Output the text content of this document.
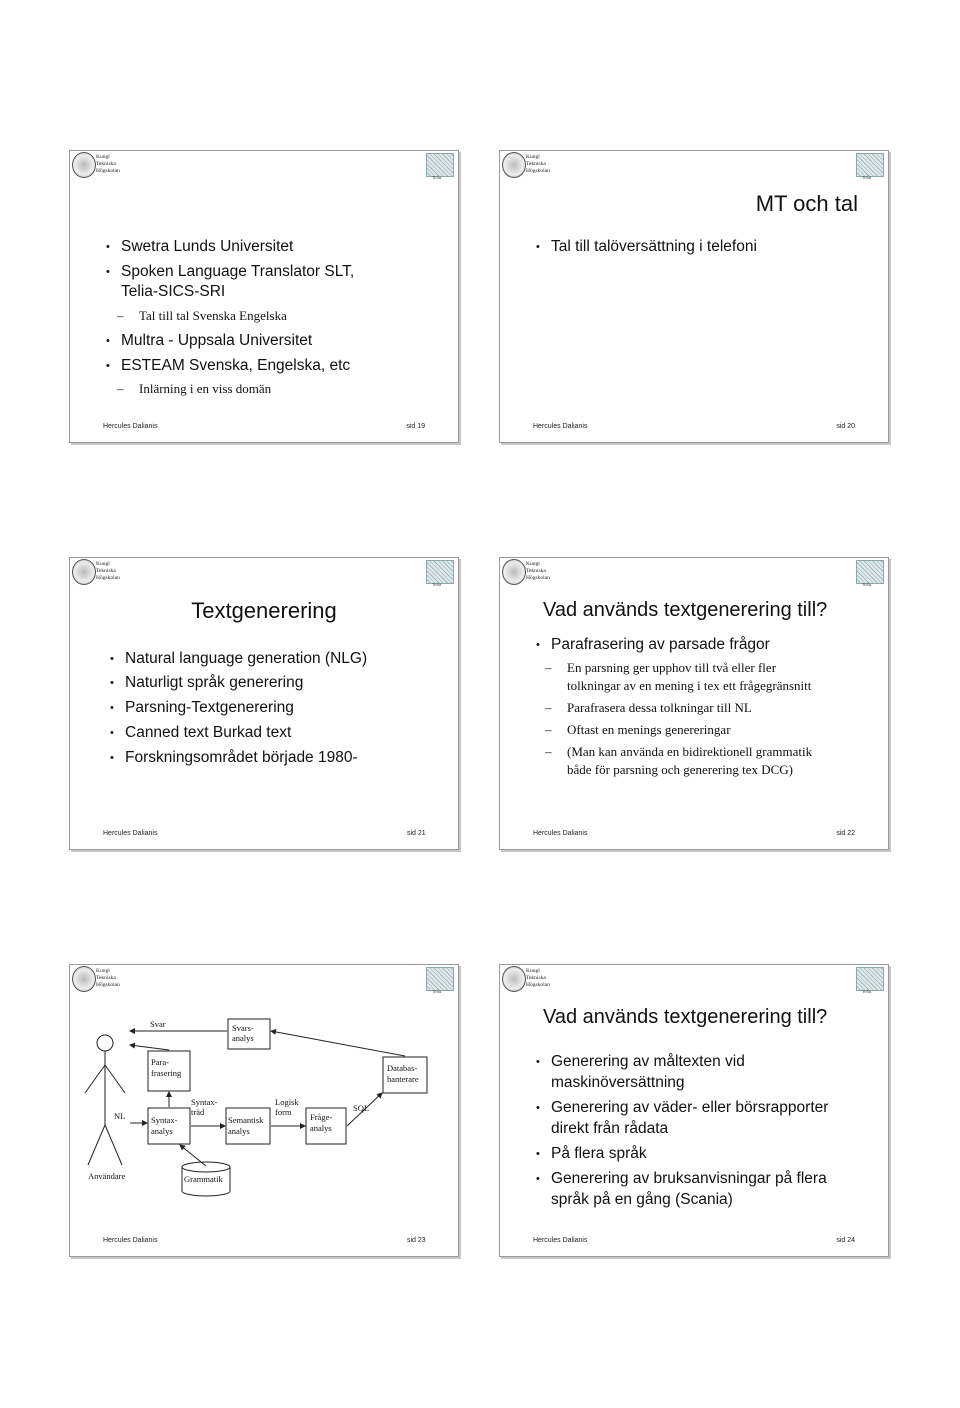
Kungl
Tekniska
Högskolan
Telia
• Swetra Lunds Universitet
• Spoken Language Translator SLT,
Telia-SICS-SRI
– Tal till tal Svenska Engelska
• Multra - Uppsala Universitet
• ESTEAM Svenska, Engelska, etc
– Inlärning i en viss domän
Hercules Dalianis	sid 19
Kungl
Tekniska
Högskolan
Telia
MT och tal
• Tal till talöversättning i telefoni
Hercules Dalianis	sid 20
Kungl
Tekniska
Högskolan
Telia
Textgenerering
• Natural language generation (NLG)
• Naturligt språk generering
• Parsning-Textgenerering
• Canned text Burkad text
• Forskningsområdet började 1980-
Hercules Dalianis	sid 21
Kungl
Tekniska
Högskolan
Telia
Vad används textgenerering till?
• Parafrasering av parsade frågor
– En parsning ger upphov till två eller fler
tolkningar av en mening i tex ett frågegränsnitt
– Parafrasera dessa tolkningar till NL
– Oftast en menings genereringar
– (Man kan använda en bidirektionell grammatik
både för parsning och generering tex DCG)
Hercules Dalianis	sid 22
Kungl
Tekniska
Högskolan
Telia
Svar	Svars-
analys
Para-
frasering
NL	Syntax-
analys
Syntax-
träd
Semantisk
analys
Logisk
form Fråge-
analys
SQL
Databas-
hanterare
Grammatik
Användare
Hercules Dalianis	sid 23
Kungl
Tekniska
Högskolan
Telia
Vad används textgenerering till?
• Generering av måltexten vid
maskinöversättning
• Generering av väder- eller börsrapporter
direkt från rådata
• På flera språk
• Generering av bruksanvisningar på flera
språk på en gång (Scania)
Hercules Dalianis	sid 24
